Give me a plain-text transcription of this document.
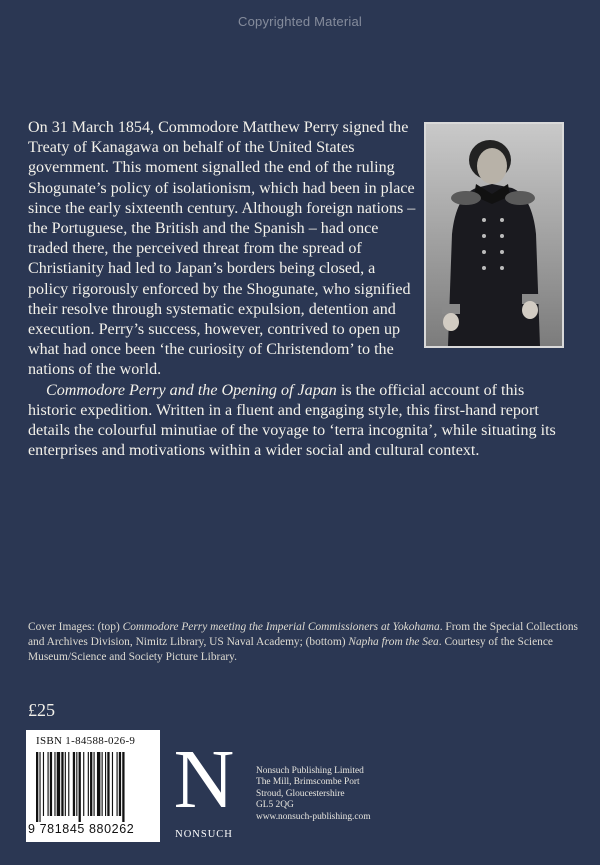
Copyrighted Material
On 31 March 1854, Commodore Matthew Perry signed the Treaty of Kanagawa on behalf of the United States government. This moment signalled the end of the ruling Shogunate’s policy of isolationism, which had been in place since the early sixteenth century. Although foreign nations – the Portuguese, the British and the Spanish – had once traded there, the perceived threat from the spread of Christianity had led to Japan’s borders being closed, a policy rigorously enforced by the Shogunate, who signified their resolve through systematic expulsion, detention and execution. Perry’s success, however, contrived to open up what had once been ‘the curiosity of Christendom’ to the nations of the world.
Commodore Perry and the Opening of Japan is the official account of this historic expedition. Written in a fluent and engaging style, this first-hand report details the colourful minutiae of the voyage to ‘terra incognita’, while situating its enterprises and motivations within a wider social and cultural context.
Cover Images: (top) Commodore Perry meeting the Imperial Commissioners at Yokohama. From the Special Collections and Archives Division, Nimitz Library, US Naval Academy; (bottom) Napha from the Sea. Courtesy of the Science Museum/Science and Society Picture Library.
£25
ISBN 1-84588-026-9
9 781845 880262
N
NONSUCH
Nonsuch Publishing Limited
The Mill, Brimscombe Port
Stroud, Gloucestershire
GL5 2QG
www.nonsuch-publishing.com
